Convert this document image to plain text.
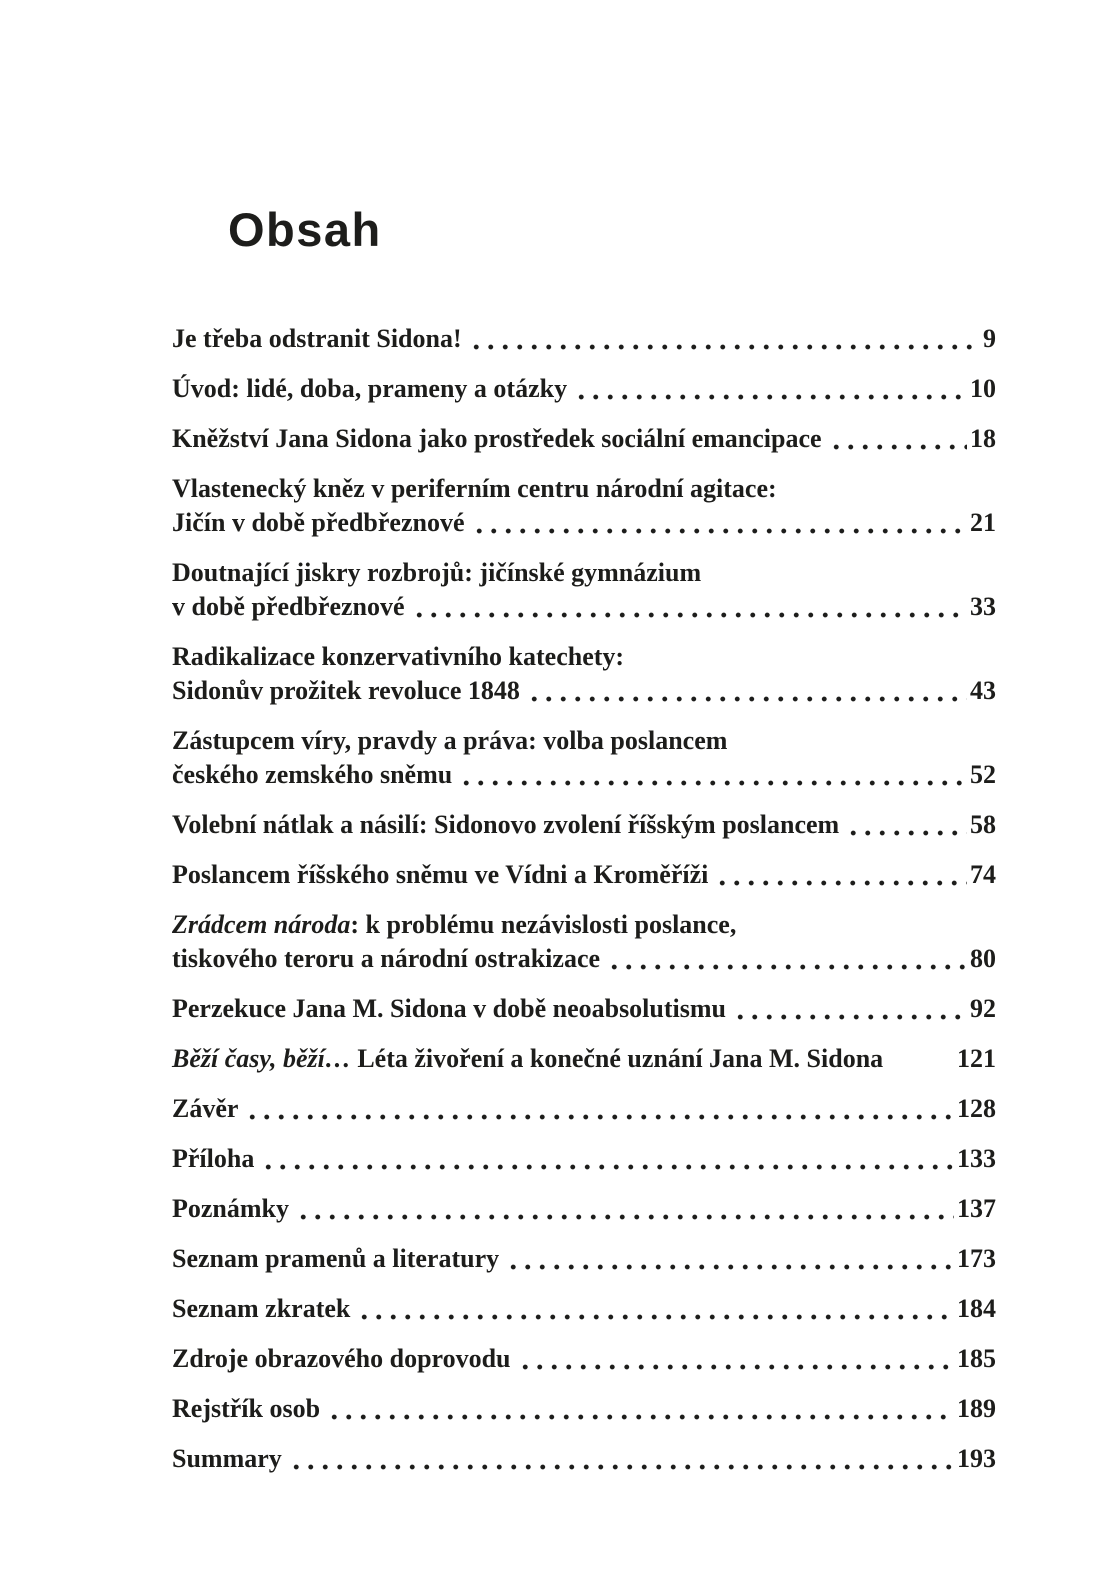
Obsah
Je třeba odstranit Sidona!	9
Úvod: lidé, doba, prameny a otázky	10
Kněžství Jana Sidona jako prostředek sociální emancipace	18
Vlastenecký kněz v periferním centru národní agitace:
Jičín v době předbřeznové	21
Doutnající jiskry rozbrojů: jičínské gymnázium
v době předbřeznové	33
Radikalizace konzervativního katechety:
Sidonův prožitek revoluce 1848	43
Zástupcem víry, pravdy a práva: volba poslancem
českého zemského sněmu	52
Volební nátlak a násilí: Sidonovo zvolení říšským poslancem	58
Poslancem říšského sněmu ve Vídni a Kroměříži	74
Zrádcem národa: k problému nezávislosti poslance,
tiskového teroru a národní ostrakizace	80
Perzekuce Jana M. Sidona v době neoabsolutismu	92
Běží časy, běží… Léta živoření a konečné uznání Jana M. Sidona	121
Závěr	128
Příloha	133
Poznámky	137
Seznam pramenů a literatury	173
Seznam zkratek	184
Zdroje obrazového doprovodu	185
Rejstřík osob	189
Summary	193
